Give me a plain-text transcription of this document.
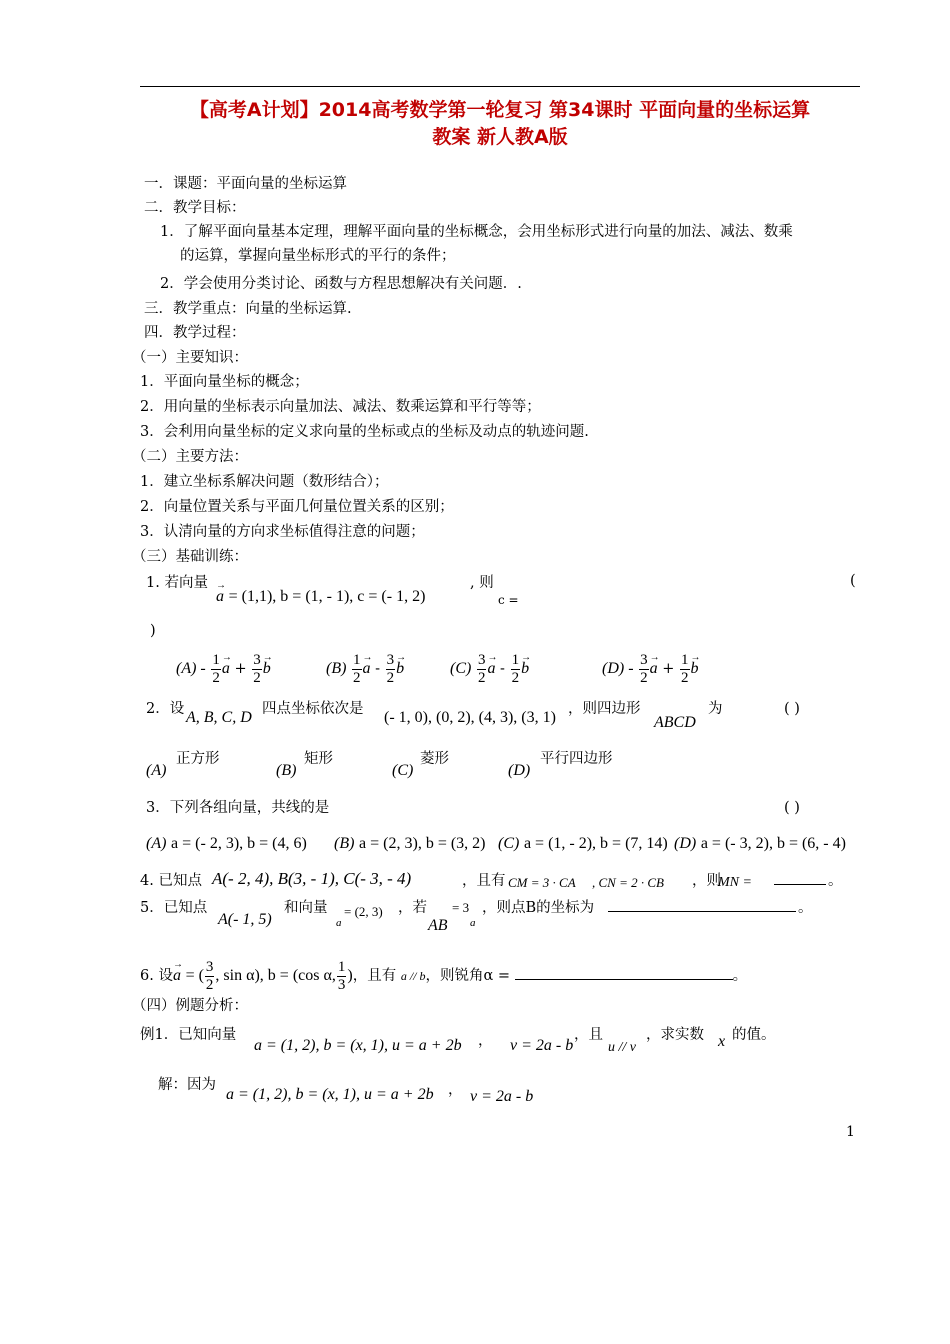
【高考A计划】2014高考数学第一轮复习 第34课时 平面向量的坐标运算
教案 新人教A版
一．课题：平面向量的坐标运算
二．教学目标：
1．了解平面向量基本定理，理解平面向量的坐标概念，会用坐标形式进行向量的加法、减法、数乘
的运算，掌握向量坐标形式的平行的条件；
2．学会使用分类讨论、函数与方程思想解决有关问题．.
三．教学重点：向量的坐标运算.
四．教学过程：
（一）主要知识：
1．平面向量坐标的概念；
2．用向量的坐标表示向量加法、减法、数乘运算和平行等等；
3．会利用向量坐标的定义求向量的坐标或点的坐标及动点的轨迹问题.
（二）主要方法：
1．建立坐标系解决问题（数形结合）；
2．向量位置关系与平面几何量位置关系的区别；
3．认清向量的方向求坐标值得注意的问题；
（三）基础训练：
1. 若向量
→ a = (1,1), b = (1, - 1), c = (- 1, 2)
, 则
c =
(
)
$(A) - \frac{1}{2}$
→ $a + \frac{3}{2}$
→ b	$(B) \frac{1}{2}$
→ a - $\frac{3}{2}$
→ b	$(C) \frac{3}{2}$
→ a - $\frac{1}{2}$
→ b	$(D) - \frac{3}{2}$
→ $a + \frac{1}{2}$
→ b
2．设 A, B, C, D 四点坐标依次是 (- 1, 0), (0, 2), (4, 3), (3, 1) ，则四边形
ABCD
为	( )
(A)
正方形
(B)
矩形
(C)
菱形
(D)
平行四边形
3．下列各组向量，共线的是	( )
(A) a = (- 2, 3), b = (4, 6) (B) a = (2, 3), b = (3, 2) (C) a = (1, - 2), b = (7, 14) (D) a = (- 3, 2), b = (6, - 4)
4. 已知点 A(- 2, 4), B(3, - 1), C(- 3, - 4)	，且有 CM = 3 · CA , CN = 2 · CB ，则
MN =	。
5．已知点
A(- 1, 5)
和向量
a
= (2, 3) ，若
AB
= 3
a
，则点B的坐标为	。
6. 设→ a = ( $\frac{3}{2}$ , sin α), b = (cos α, $\frac{1}{3}$ )，且有 a // b，则锐角α =	。
（四）例题分析：
例1．已知向量
a = (1, 2), b = (x, 1), u = a + 2b ， v = 2a - b
，且
u // v
，求实数 x 的值。
解：因为
a = (1, 2), b = (x, 1), u = a + 2b ， v = 2a - b
1
